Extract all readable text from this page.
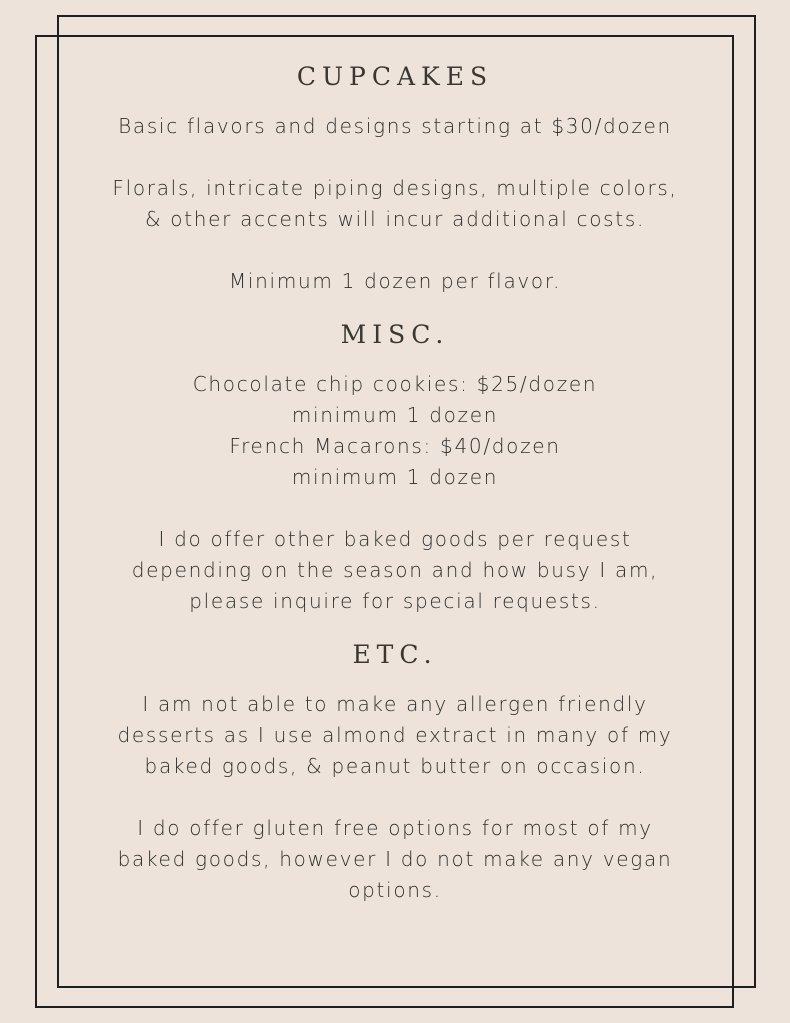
CUPCAKES

Basic flavors and designs starting at $30/dozen

Florals, intricate piping designs, multiple colors,
& other accents will incur additional costs.

Minimum 1 dozen per flavor.

MISC.

Chocolate chip cookies: $25/dozen
minimum 1 dozen
French Macarons: $40/dozen
minimum 1 dozen

I do offer other baked goods per request
depending on the season and how busy I am,
please inquire for special requests.

ETC.

I am not able to make any allergen friendly
desserts as I use almond extract in many of my
baked goods, & peanut butter on occasion.

I do offer gluten free options for most of my
baked goods, however I do not make any vegan
options.
